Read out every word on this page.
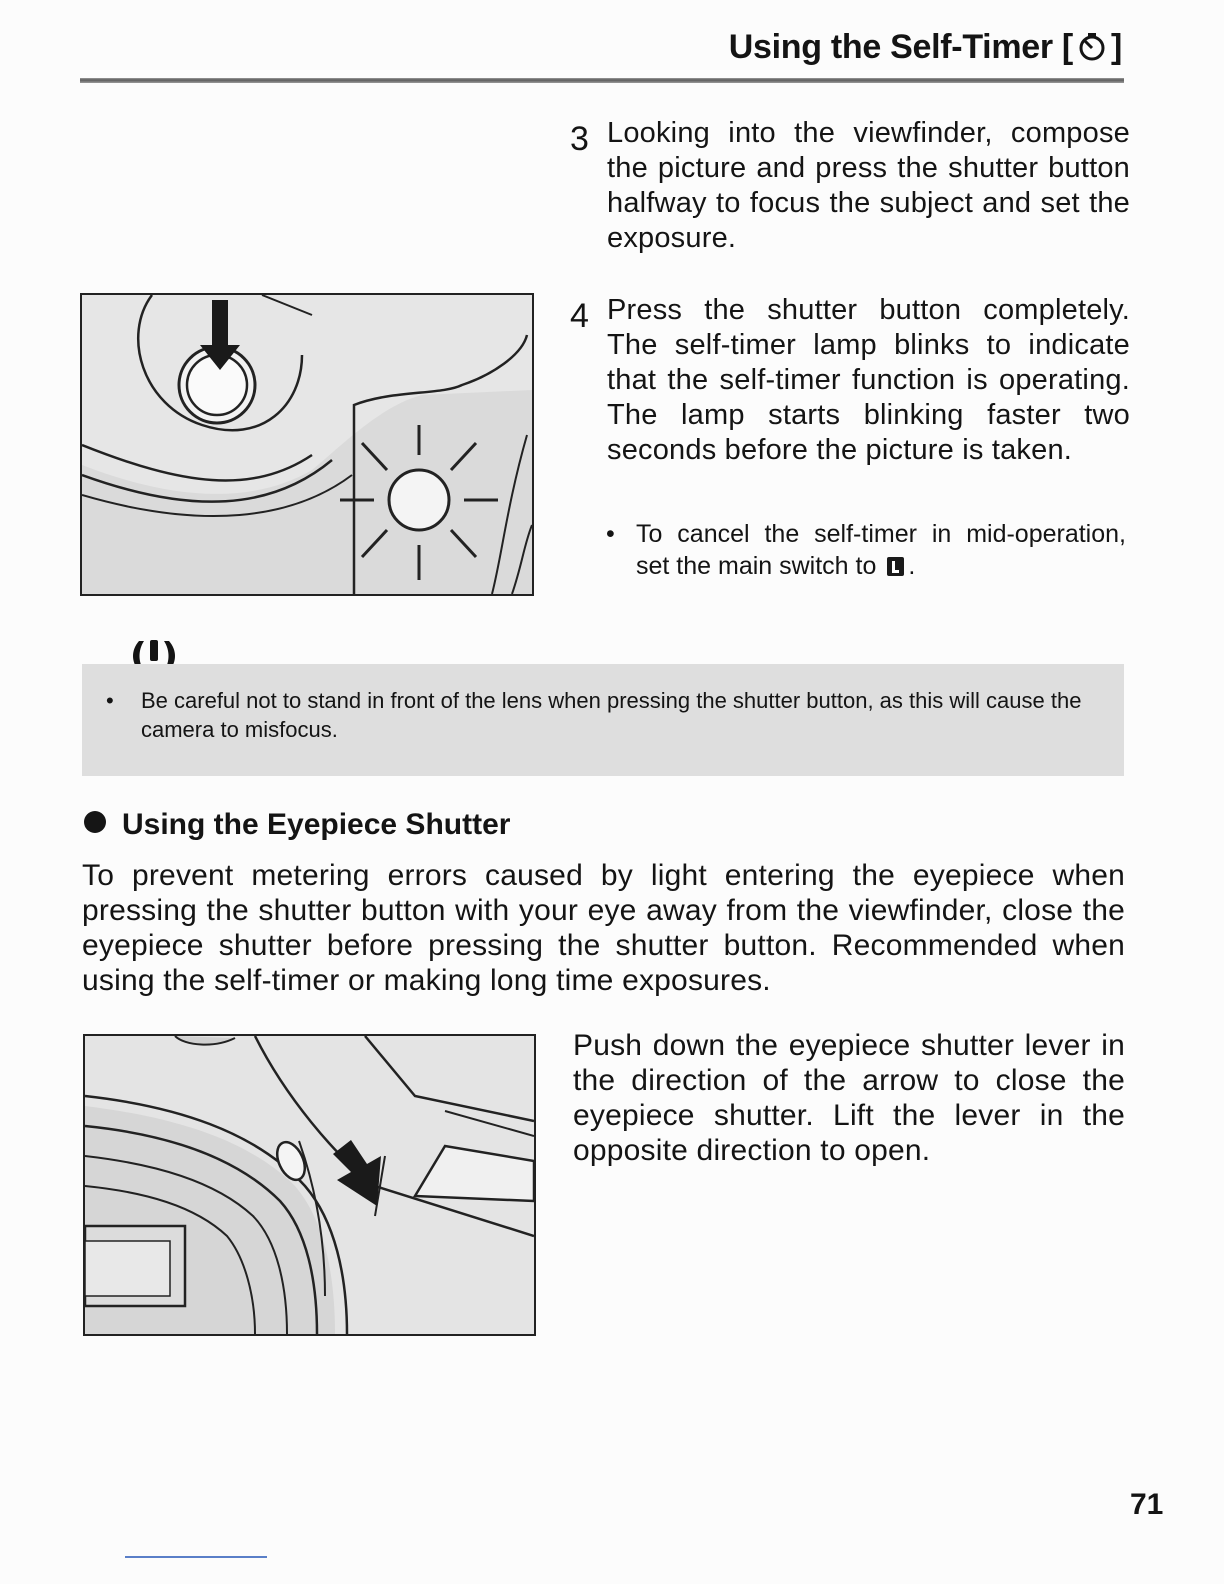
Using the Self-Timer [ ]
3 Looking into the viewfinder, compose the picture and press the shutter button halfway to focus the subject and set the exposure.
4 Press the shutter button completely. The self-timer lamp blinks to indicate that the self-timer function is operating. The lamp starts blinking faster two seconds before the picture is taken.
• To cancel the self-timer in mid-operation, set the main switch to .
• Be careful not to stand in front of the lens when pressing the shutter button, as this will cause the camera to misfocus.
Using the Eyepiece Shutter
To prevent metering errors caused by light entering the eyepiece when pressing the shutter button with your eye away from the viewfinder, close the eyepiece shutter before pressing the shutter button. Recommended when using the self-timer or making long time exposures.
Push down the eyepiece shutter lever in the direction of the arrow to close the eyepiece shutter. Lift the lever in the opposite direction to open.
71
